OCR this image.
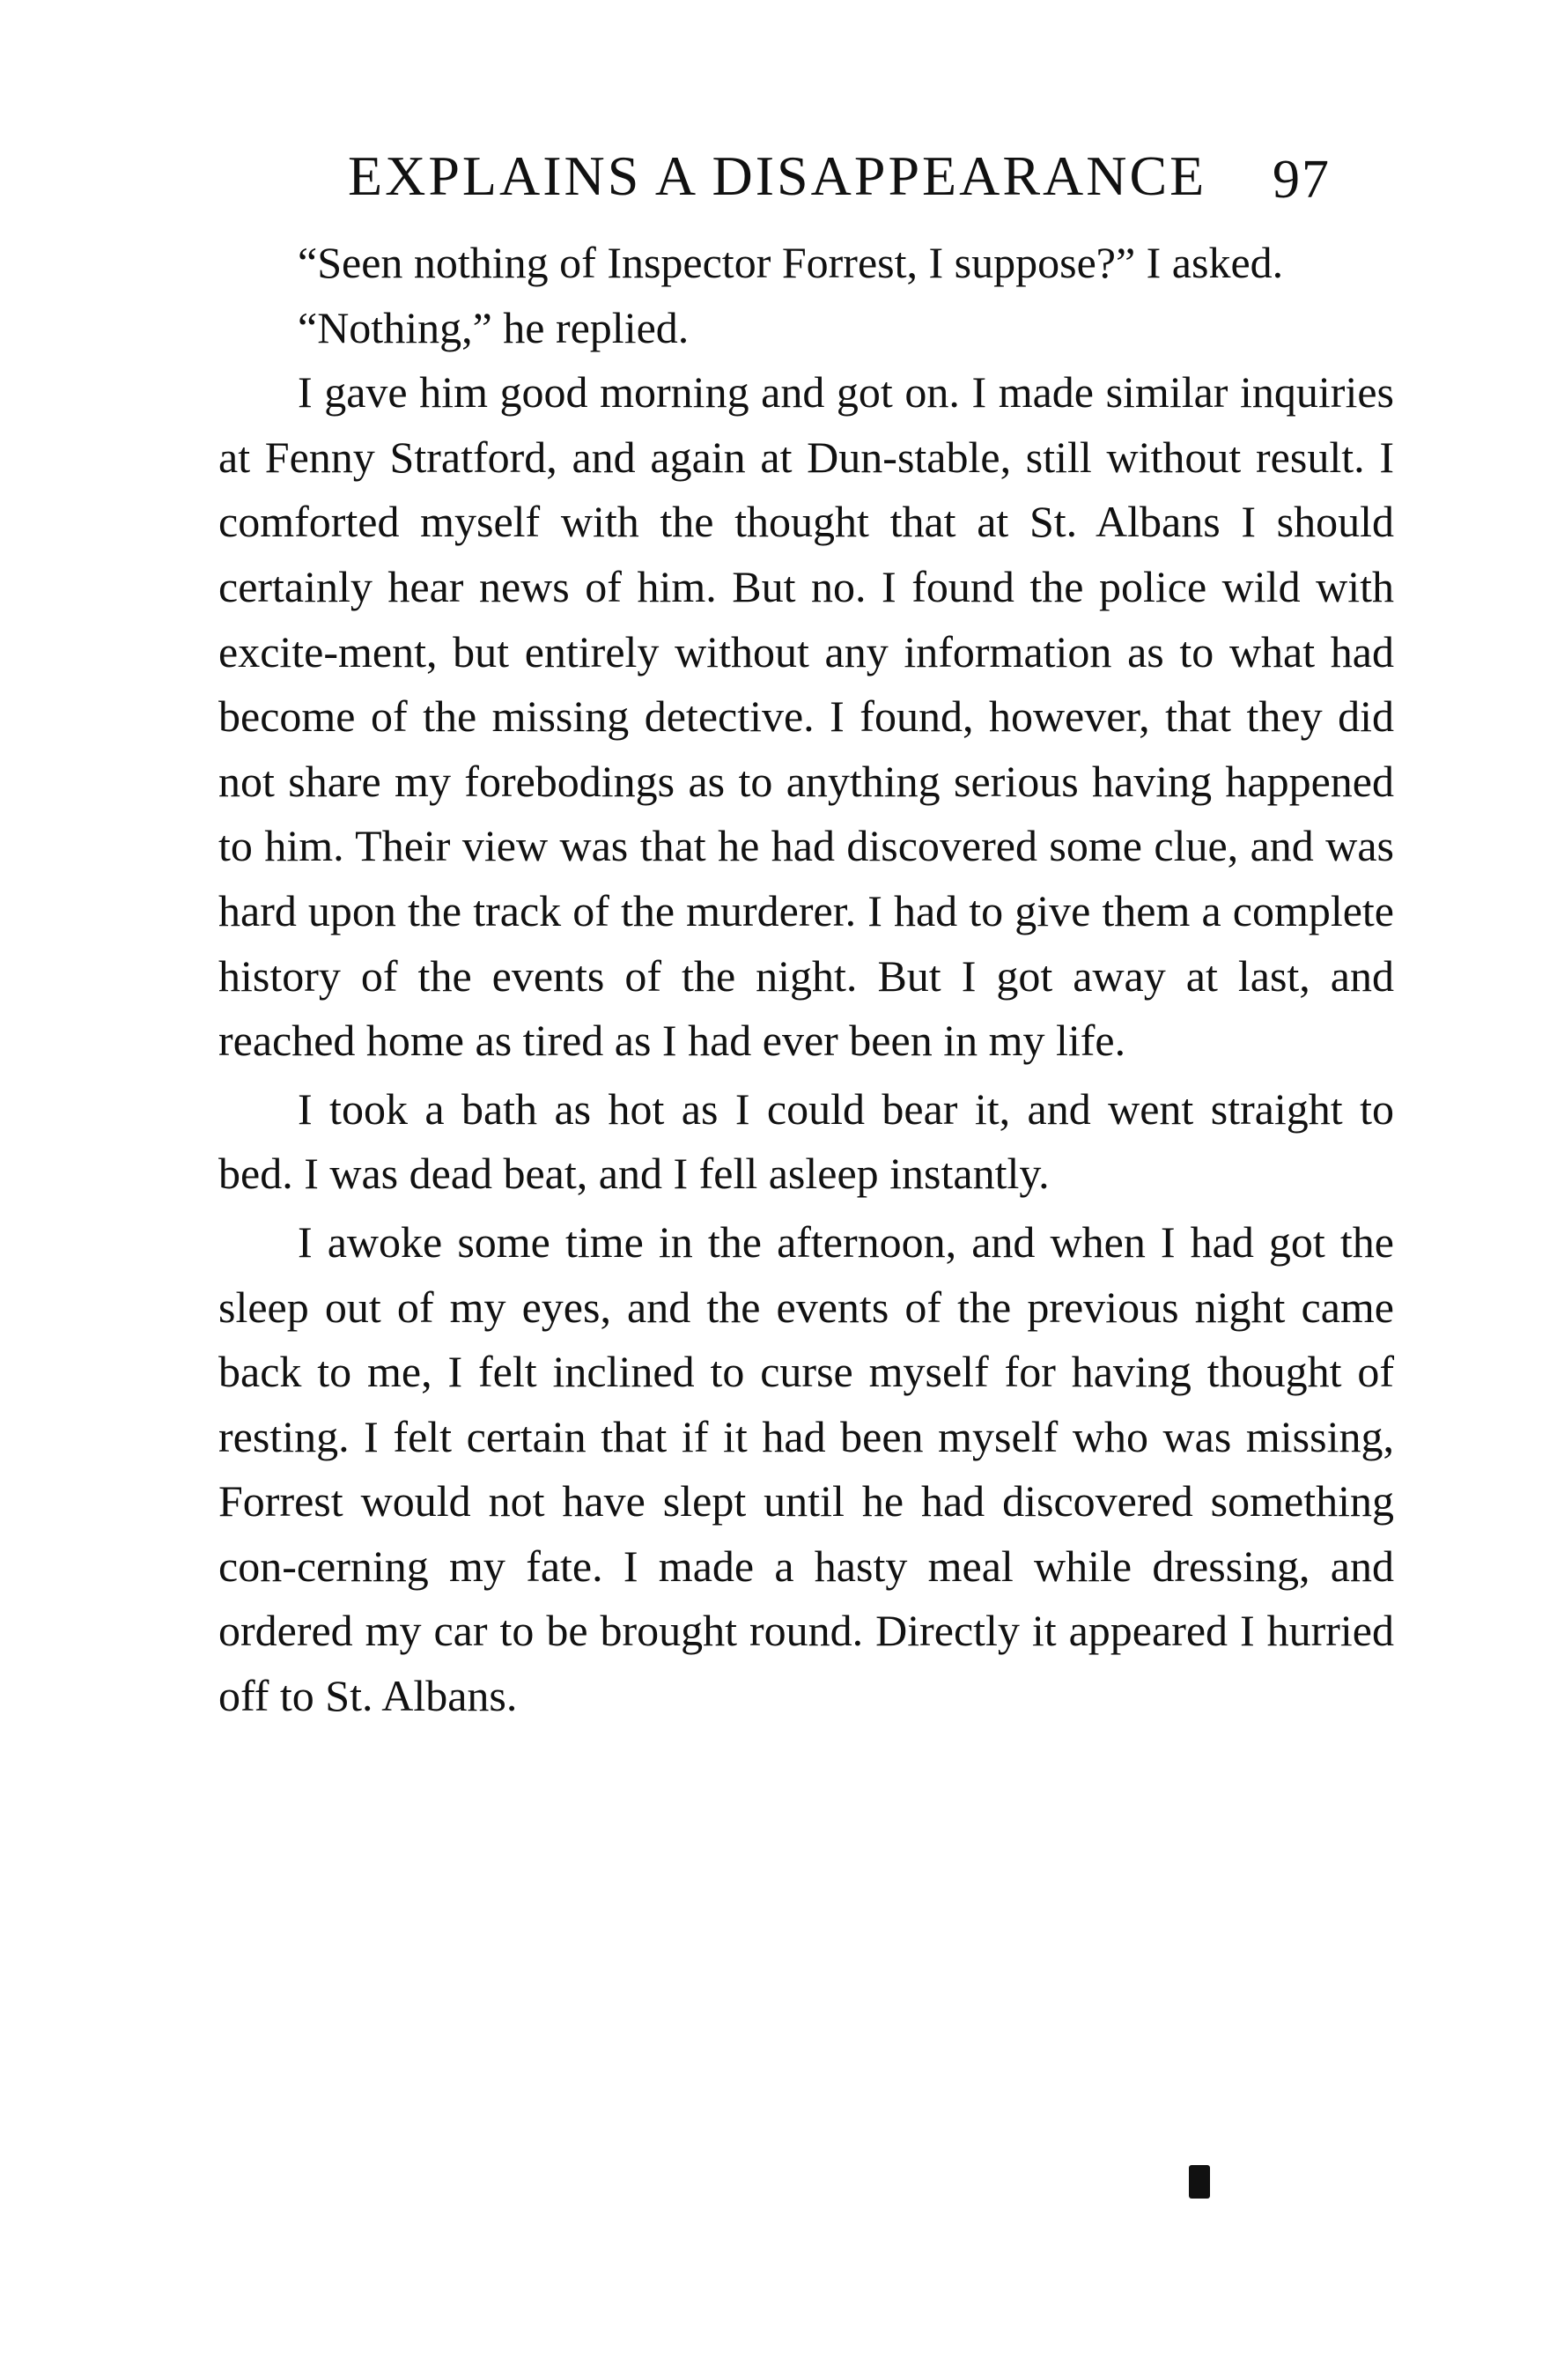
EXPLAINS A DISAPPEARANCE 97

“Seen nothing of Inspector Forrest, I suppose?” I asked.

“Nothing,” he replied.

I gave him good morning and got on. I made similar inquiries at Fenny Stratford, and again at Dun-stable, still without result. I comforted myself with the thought that at St. Albans I should certainly hear news of him. But no. I found the police wild with excite-ment, but entirely without any information as to what had become of the missing detective. I found, however, that they did not share my forebodings as to anything serious having happened to him. Their view was that he had discovered some clue, and was hard upon the track of the murderer. I had to give them a complete history of the events of the night. But I got away at last, and reached home as tired as I had ever been in my life.

I took a bath as hot as I could bear it, and went straight to bed. I was dead beat, and I fell asleep instantly.

I awoke some time in the afternoon, and when I had got the sleep out of my eyes, and the events of the previous night came back to me, I felt inclined to curse myself for having thought of resting. I felt certain that if it had been myself who was missing, Forrest would not have slept until he had discovered something con-cerning my fate. I made a hasty meal while dressing, and ordered my car to be brought round. Directly it appeared I hurried off to St. Albans.
